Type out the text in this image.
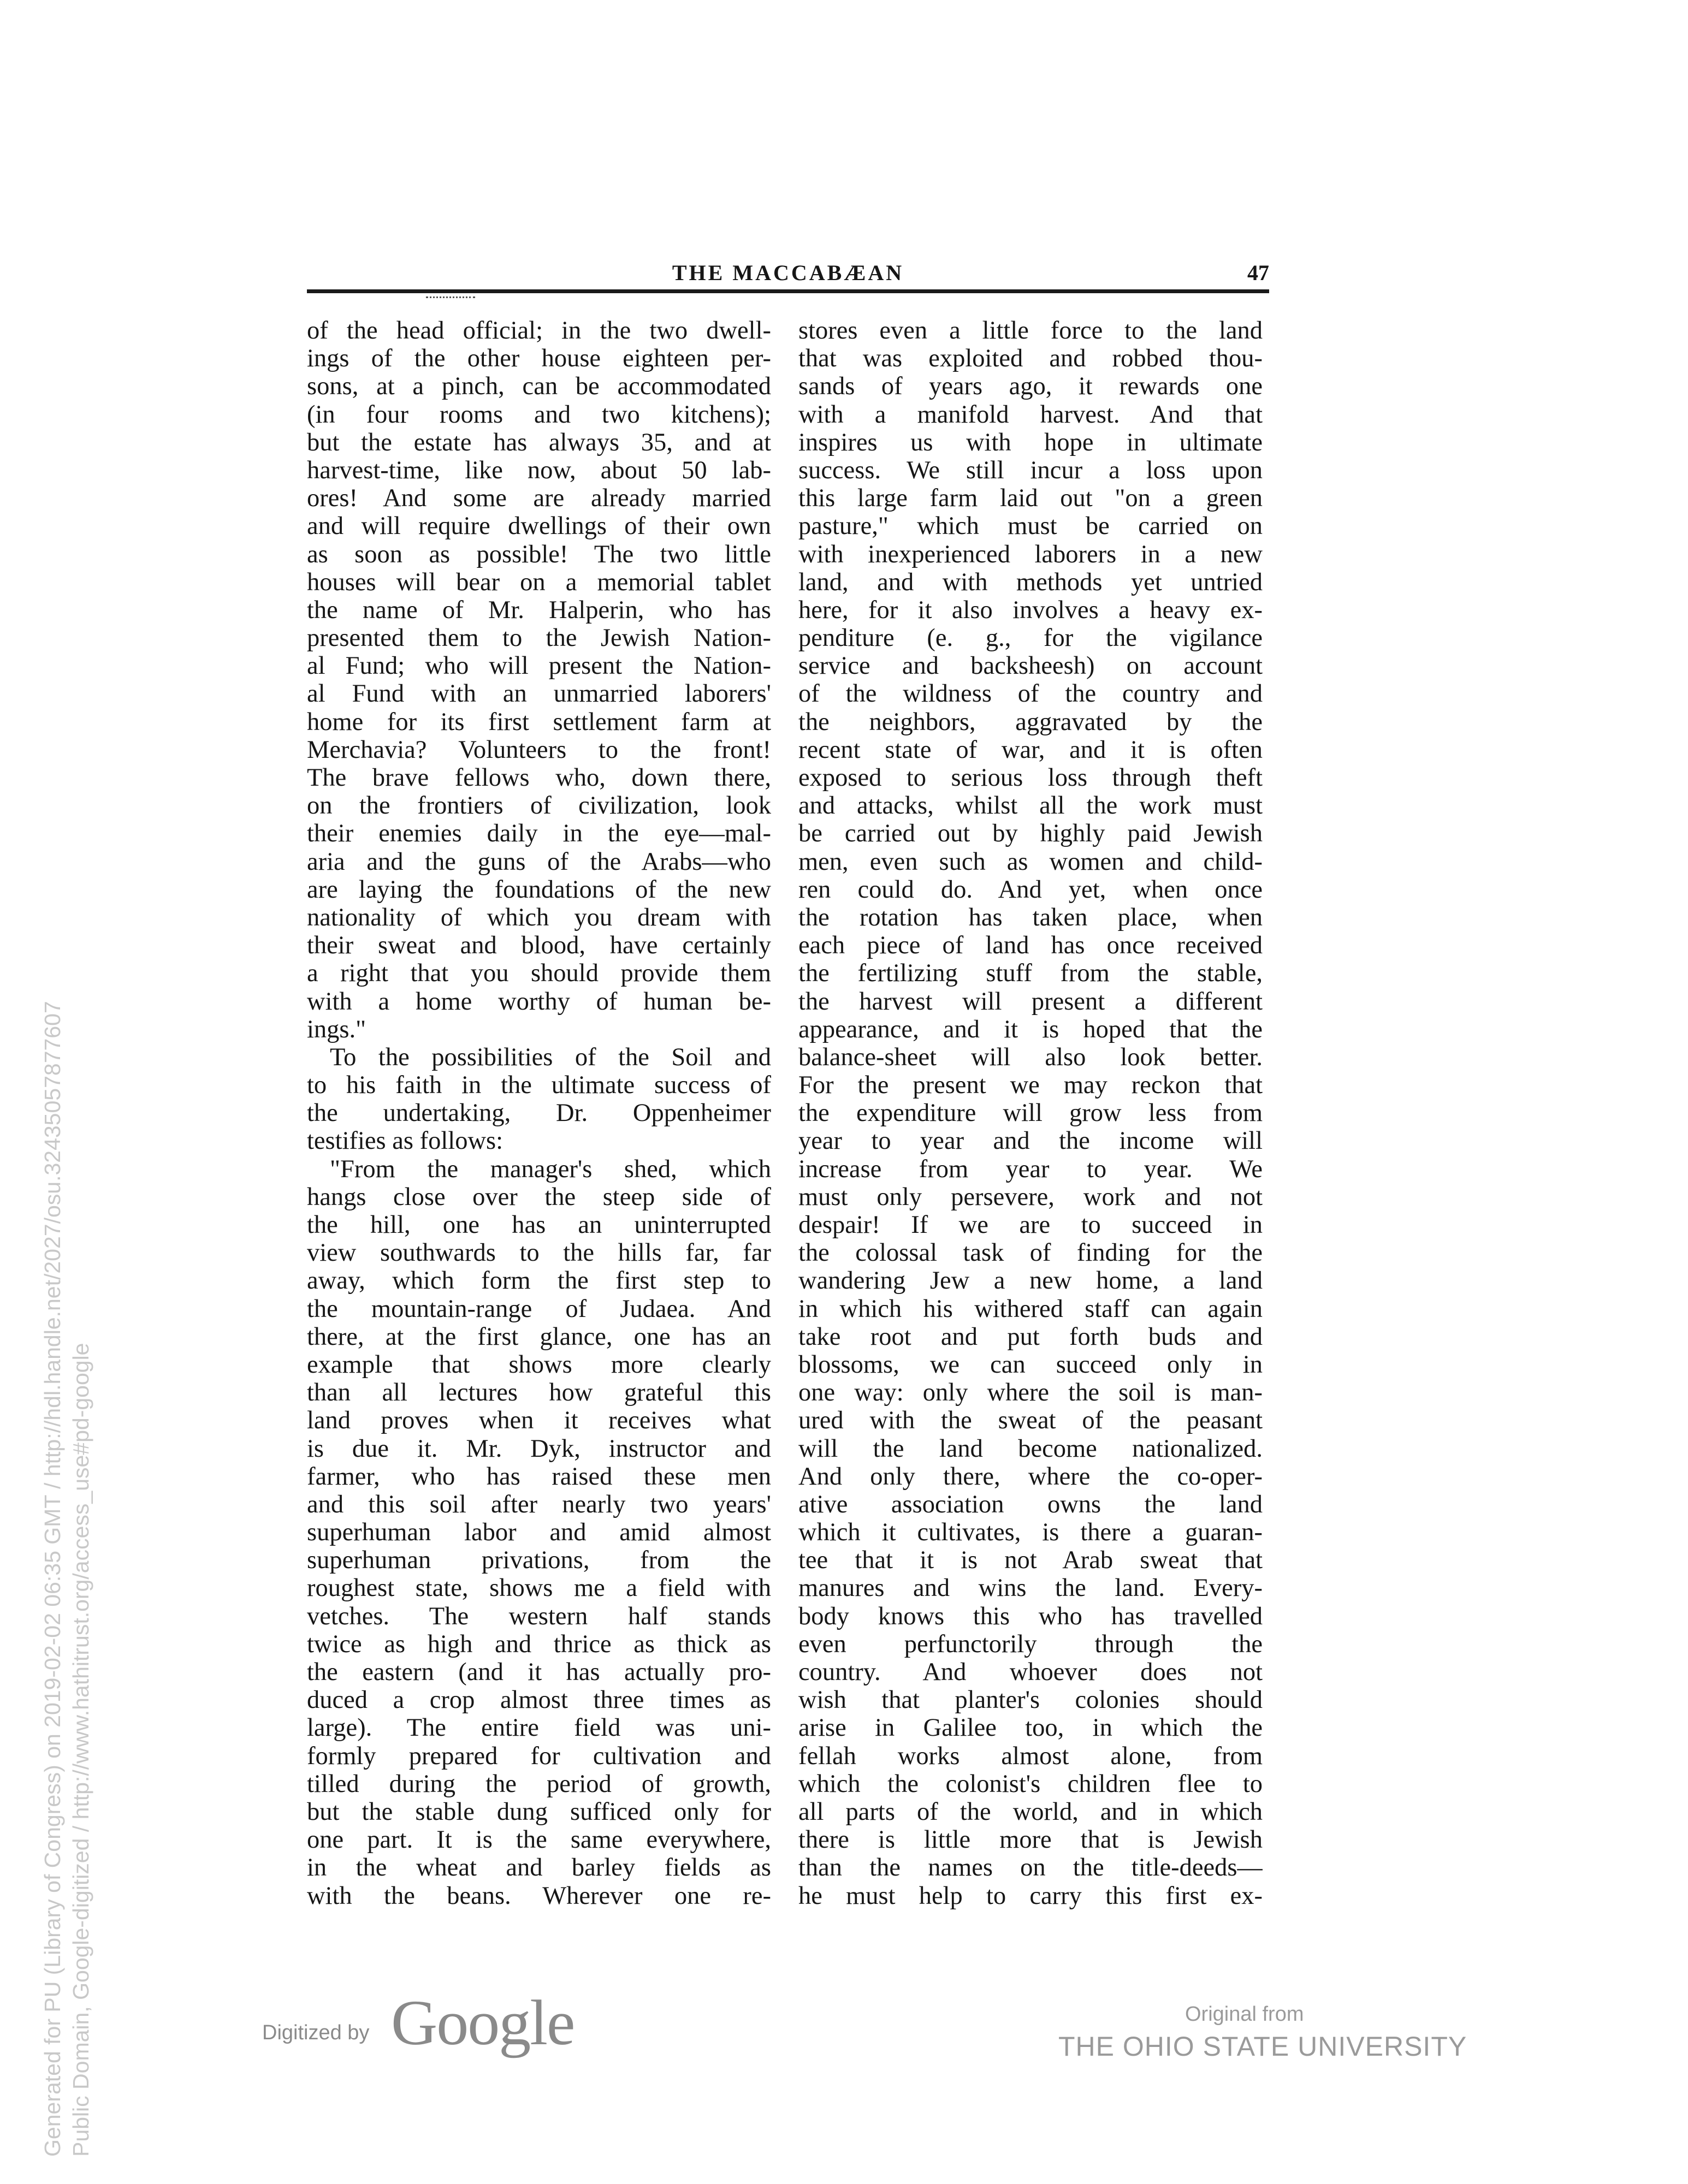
THE MACCABÆAN	47
of the head official; in the two dwell-
ings of the other house eighteen per-
sons, at a pinch, can be accommodated
(in four rooms and two kitchens);
but the estate has always 35, and at
harvest-time, like now, about 50 lab-
ores! And some are already married
and will require dwellings of their own
as soon as possible! The two little
houses will bear on a memorial tablet
the name of Mr. Halperin, who has
presented them to the Jewish Nation-
al Fund; who will present the Nation-
al Fund with an unmarried laborers'
home for its first settlement farm at
Merchavia? Volunteers to the front!
The brave fellows who, down there,
on the frontiers of civilization, look
their enemies daily in the eye—mal-
aria and the guns of the Arabs—who
are laying the foundations of the new
nationality of which you dream with
their sweat and blood, have certainly
a right that you should provide them
with a home worthy of human be-
ings."
To the possibilities of the Soil and
to his faith in the ultimate success of
the undertaking, Dr. Oppenheimer
testifies as follows:
"From the manager's shed, which
hangs close over the steep side of
the hill, one has an uninterrupted
view southwards to the hills far, far
away, which form the first step to
the mountain-range of Judaea. And
there, at the first glance, one has an
example that shows more clearly
than all lectures how grateful this
land proves when it receives what
is due it. Mr. Dyk, instructor and
farmer, who has raised these men
and this soil after nearly two years'
superhuman labor and amid almost
superhuman privations, from the
roughest state, shows me a field with
vetches. The western half stands
twice as high and thrice as thick as
the eastern (and it has actually pro-
duced a crop almost three times as
large). The entire field was uni-
formly prepared for cultivation and
tilled during the period of growth,
but the stable dung sufficed only for
one part. It is the same everywhere,
in the wheat and barley fields as
with the beans. Wherever one re-
stores even a little force to the land
that was exploited and robbed thou-
sands of years ago, it rewards one
with a manifold harvest. And that
inspires us with hope in ultimate
success. We still incur a loss upon
this large farm laid out "on a green
pasture," which must be carried on
with inexperienced laborers in a new
land, and with methods yet untried
here, for it also involves a heavy ex-
penditure (e. g., for the vigilance
service and backsheesh) on account
of the wildness of the country and
the neighbors, aggravated by the
recent state of war, and it is often
exposed to serious loss through theft
and attacks, whilst all the work must
be carried out by highly paid Jewish
men, even such as women and child-
ren could do. And yet, when once
the rotation has taken place, when
each piece of land has once received
the fertilizing stuff from the stable,
the harvest will present a different
appearance, and it is hoped that the
balance-sheet will also look better.
For the present we may reckon that
the expenditure will grow less from
year to year and the income will
increase from year to year. We
must only persevere, work and not
despair! If we are to succeed in
the colossal task of finding for the
wandering Jew a new home, a land
in which his withered staff can again
take root and put forth buds and
blossoms, we can succeed only in
one way: only where the soil is man-
ured with the sweat of the peasant
will the land become nationalized.
And only there, where the co-oper-
ative association owns the land
which it cultivates, is there a guaran-
tee that it is not Arab sweat that
manures and wins the land. Every-
body knows this who has travelled
even perfunctorily through the
country. And whoever does not
wish that planter's colonies should
arise in Galilee too, in which the
fellah works almost alone, from
which the colonist's children flee to
all parts of the world, and in which
there is little more that is Jewish
than the names on the title-deeds—
he must help to carry this first ex-
Digitized by Google	Original from
THE OHIO STATE UNIVERSITY
Generated for PU (Library of Congress) on 2019-02-02 06:35 GMT / http://hdl.handle.net/2027/osu.32435057877607 Public Domain, Google-digitized / http://www.hathitrust.org/access_use#pd-google
